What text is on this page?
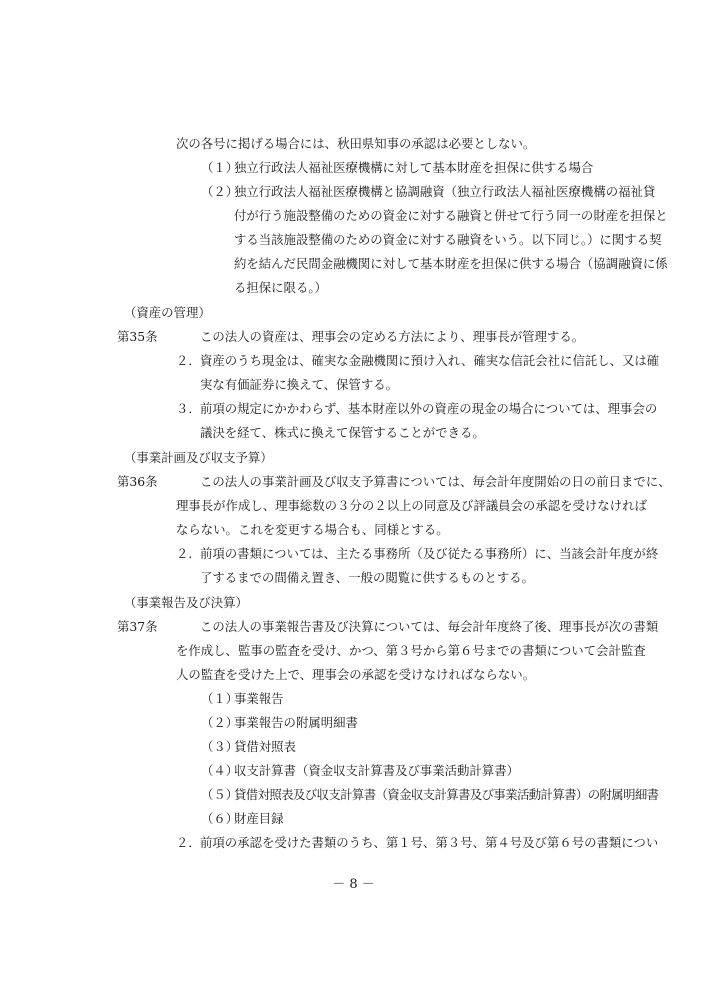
次の各号に掲げる場合には、秋田県知事の承認は必要としない。
（１）
独立行政法人福祉医療機構に対して基本財産を担保に供する場合
（２）
独立行政法人福祉医療機構と協調融資（独立行政法人福祉医療機構の福祉貸
付が行う施設整備のための資金に対する融資と併せて行う同一の財産を担保と
する当該施設整備のための資金に対する融資をいう。以下同じ。）に関する契
約を結んだ民間金融機関に対して基本財産を担保に供する場合（協調融資に係
る担保に限る。）
（資産の管理）
第35条	この法人の資産は、理事会の定める方法により、理事長が管理する。
２． 資産のうち現金は、確実な金融機関に預け入れ、確実な信託会社に信託し、又は確
実な有価証券に換えて、保管する。
３． 前項の規定にかかわらず、基本財産以外の資産の現金の場合については、理事会の
議決を経て、株式に換えて保管することができる。
（事業計画及び収支予算）
第36条	この法人の事業計画及び収支予算書については、毎会計年度開始の日の前日までに、
理事長が作成し、理事総数の３分の２以上の同意及び評議員会の承認を受けなければ
ならない。これを変更する場合も、同様とする。
２． 前項の書類については、主たる事務所（及び従たる事務所）に、当該会計年度が終
了するまでの間備え置き、一般の閲覧に供するものとする。
（事業報告及び決算）
第37条	この法人の事業報告書及び決算については、毎会計年度終了後、理事長が次の書類
を作成し、監事の監査を受け、かつ、第３号から第６号までの書類について会計監査
人の監査を受けた上で、理事会の承認を受けなければならない。
（１）
事業報告
（２）
事業報告の附属明細書
（３）
貸借対照表
（４）
収支計算書（資金収支計算書及び事業活動計算書）
（５）
貸借対照表及び収支計算書（資金収支計算書及び事業活動計算書）の附属明細書
（６）
財産目録
２． 前項の承認を受けた書類のうち、第１号、第３号、第４号及び第６号の書類につい
－ 8 －
